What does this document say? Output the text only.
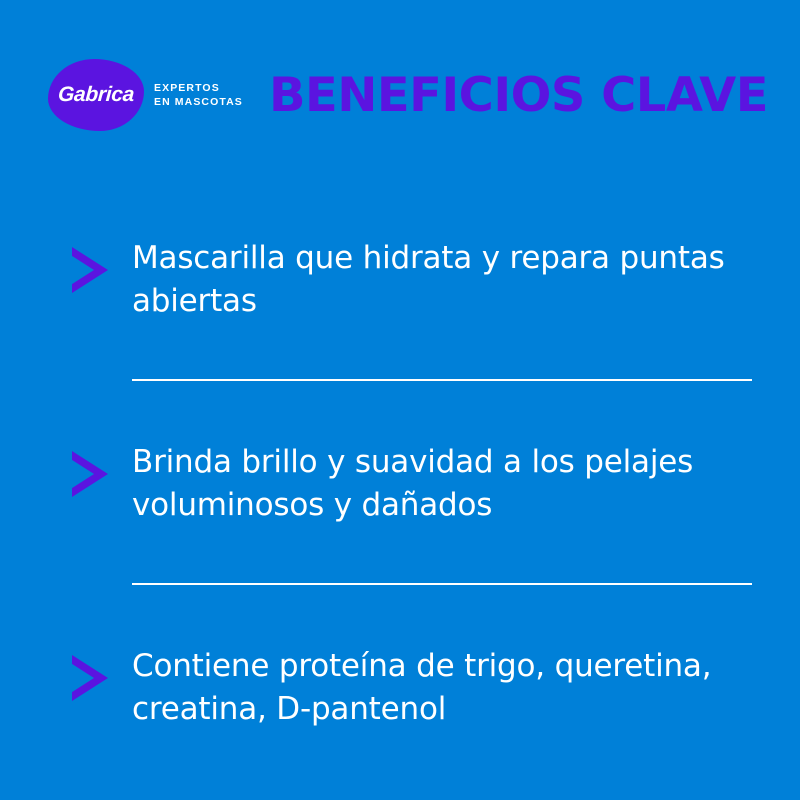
Gabrica EXPERTOS
EN MASCOTAS BENEFICIOS CLAVE
Mascarilla que hidrata y repara puntas abiertas
Brinda brillo y suavidad a los pelajes voluminosos y dañados
Contiene proteína de trigo, queretina, creatina, D-pantenol
